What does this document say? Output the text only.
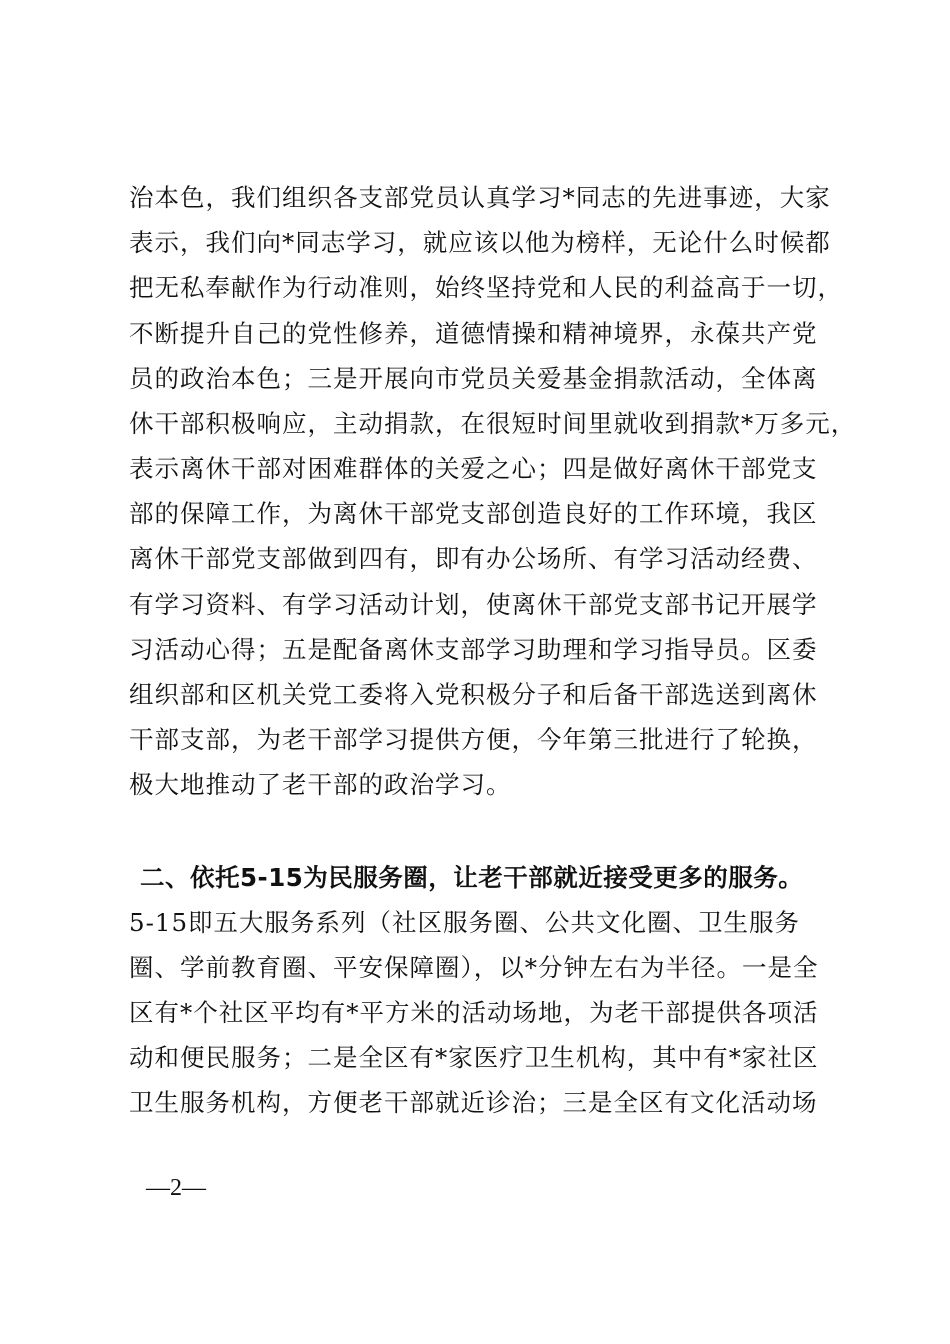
治本色，我们组织各支部党员认真学习*同志的先进事迹，大家
表示，我们向*同志学习，就应该以他为榜样，无论什么时候都
把无私奉献作为行动准则，始终坚持党和人民的利益高于一切，
不断提升自己的党性修养，道德情操和精神境界，永葆共产党
员的政治本色；三是开展向市党员关爱基金捐款活动，全体离
休干部积极响应，主动捐款，在很短时间里就收到捐款*万多元，
表示离休干部对困难群体的关爱之心；四是做好离休干部党支
部的保障工作，为离休干部党支部创造良好的工作环境，我区
离休干部党支部做到四有，即有办公场所、有学习活动经费、
有学习资料、有学习活动计划，使离休干部党支部书记开展学
习活动心得；五是配备离休支部学习助理和学习指导员。区委
组织部和区机关党工委将入党积极分子和后备干部选送到离休
干部支部，为老干部学习提供方便，今年第三批进行了轮换，
极大地推动了老干部的政治学习。
二、依托5-15为民服务圈，让老干部就近接受更多的服务。
5-15即五大服务系列（社区服务圈、公共文化圈、卫生服务
圈、学前教育圈、平安保障圈），以*分钟左右为半径。一是全
区有*个社区平均有*平方米的活动场地，为老干部提供各项活
动和便民服务；二是全区有*家医疗卫生机构，其中有*家社区
卫生服务机构，方便老干部就近诊治；三是全区有文化活动场
—2—
